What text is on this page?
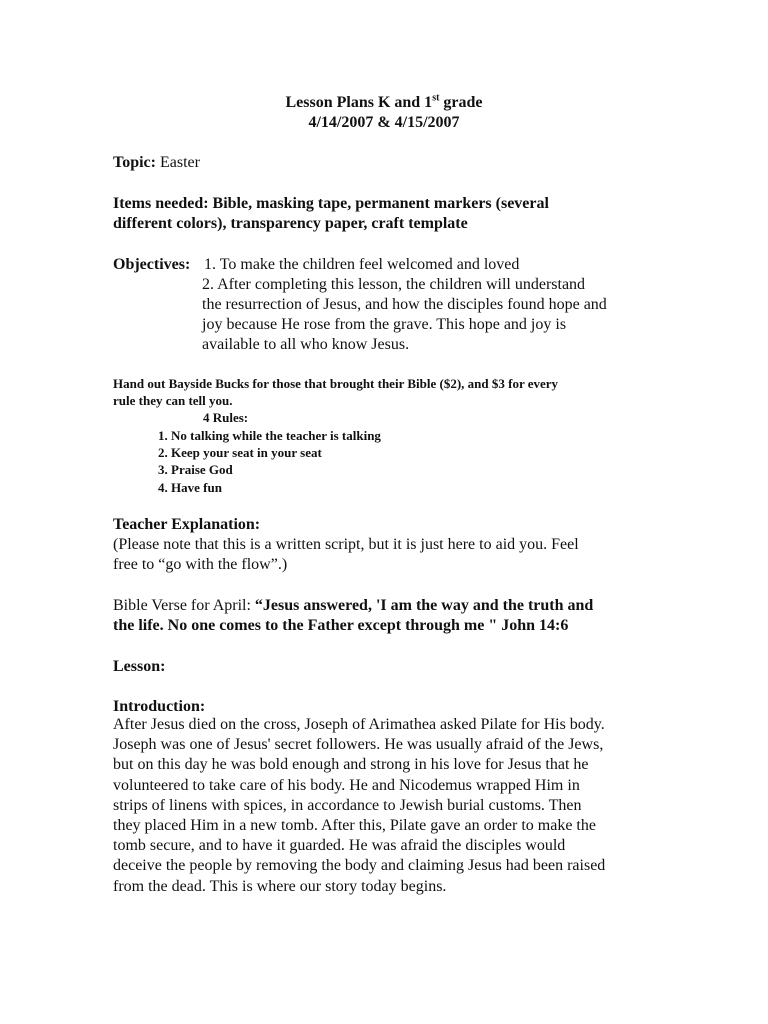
Lesson Plans K and 1st grade
4/14/2007 & 4/15/2007
Topic: Easter
Items needed: Bible, masking tape, permanent markers (several
different colors), transparency paper, craft template
Objectives: 1. To make the children feel welcomed and loved
2. After completing this lesson, the children will understand
the resurrection of Jesus, and how the disciples found hope and
joy because He rose from the grave. This hope and joy is
available to all who know Jesus.
Hand out Bayside Bucks for those that brought their Bible ($2), and $3 for every
rule they can tell you.
4 Rules:
1. No talking while the teacher is talking
2. Keep your seat in your seat
3. Praise God
4. Have fun
Teacher Explanation:
(Please note that this is a written script, but it is just here to aid you. Feel
free to “go with the flow”.)
Bible Verse for April: “Jesus answered, 'I am the way and the truth and
the life. No one comes to the Father except through me " John 14:6
Lesson:
Introduction:
After Jesus died on the cross, Joseph of Arimathea asked Pilate for His body.
Joseph was one of Jesus' secret followers. He was usually afraid of the Jews,
but on this day he was bold enough and strong in his love for Jesus that he
volunteered to take care of his body. He and Nicodemus wrapped Him in
strips of linens with spices, in accordance to Jewish burial customs. Then
they placed Him in a new tomb. After this, Pilate gave an order to make the
tomb secure, and to have it guarded. He was afraid the disciples would
deceive the people by removing the body and claiming Jesus had been raised
from the dead. This is where our story today begins.
